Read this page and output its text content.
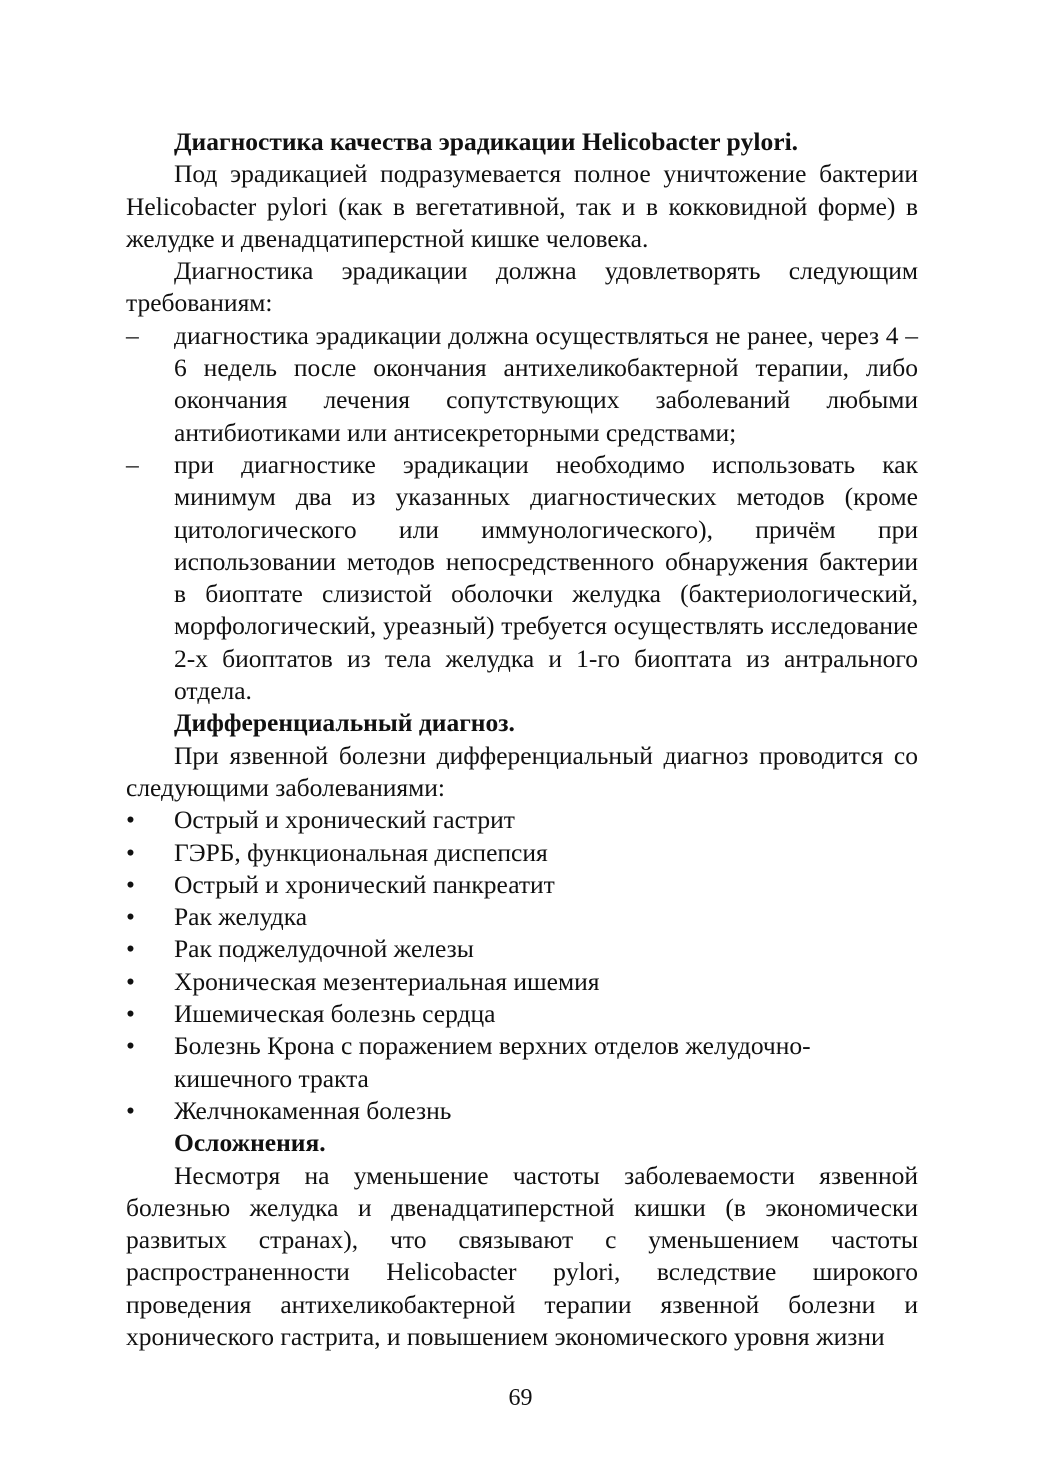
Диагностика качества эрадикации Helicobacter pylori.

Под эрадикацией подразумевается полное уничтожение бактерии Helicobacter pylori (как в вегетативной, так и в кокковидной форме) в желудке и двенадцатиперстной кишке человека.

Диагностика эрадикации должна удовлетворять следующим требованиям:

– диагностика эрадикации должна осуществляться не ранее, через 4 – 6 недель после окончания антихеликобактерной терапии, либо окончания лечения сопутствующих заболеваний любыми антибиотиками или антисекреторными средствами;
– при диагностике эрадикации необходимо использовать как минимум два из указанных диагностических методов (кроме цитологического или иммунологического), причём при использовании методов непосредственного обнаружения бактерии в биоптате слизистой оболочки желудка (бактериологический, морфологический, уреазный) требуется осуществлять исследование 2-х биоптатов из тела желудка и 1-го биоптата из антрального отдела.

Дифференциальный диагноз.

При язвенной болезни дифференциальный диагноз проводится со следующими заболеваниями:

• Острый и хронический гастрит
• ГЭРБ, функциональная диспепсия
• Острый и хронический панкреатит
• Рак желудка
• Рак поджелудочной железы
• Хроническая мезентериальная ишемия
• Ишемическая болезнь сердца
• Болезнь Крона с поражением верхних отделов желудочно-кишечного тракта
• Желчнокаменная болезнь

Осложнения.

Несмотря на уменьшение частоты заболеваемости язвенной болезнью желудка и двенадцатиперстной кишки (в экономически развитых странах), что связывают с уменьшением частоты распространенности Helicobacter pylori, вследствие широкого проведения антихеликобактерной терапии язвенной болезни и хронического гастрита, и повышением экономического уровня жизни

69
